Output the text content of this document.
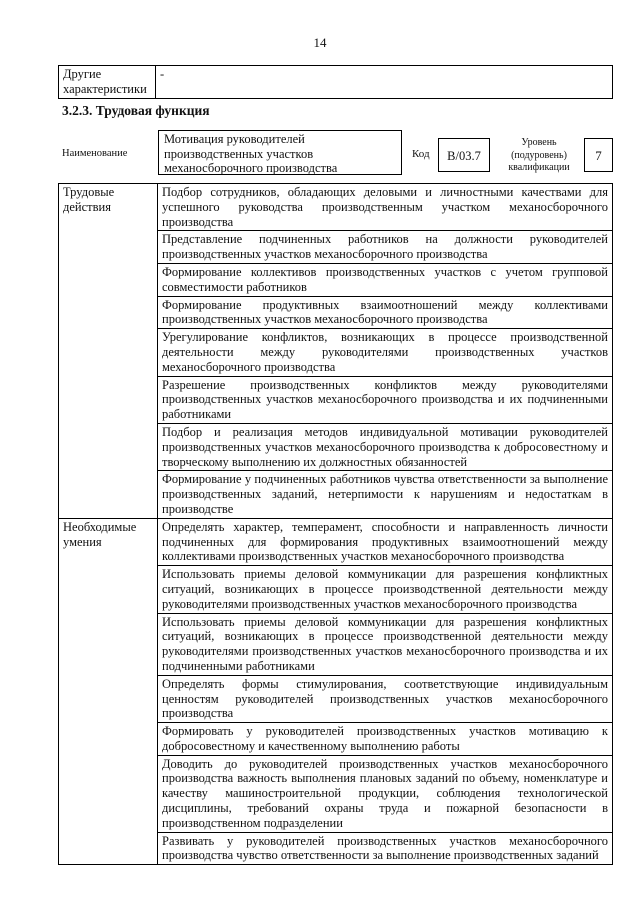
14
Другие характеристики	-
3.2.3. Трудовая функция
Наименование
Мотивация руководителей производственных участков механосборочного производства
Код	B/03.7
Уровень (подуровень) квалификации
7
Трудовые действия	Подбор сотрудников, обладающих деловыми и личностными качествами для успешного руководства производственным участком механосборочного производства
	Представление подчиненных работников на должности руководителей производственных участков механосборочного производства
	Формирование коллективов производственных участков с учетом групповой совместимости работников
	Формирование продуктивных взаимоотношений между коллективами производственных участков механосборочного производства
	Урегулирование конфликтов, возникающих в процессе производственной деятельности между руководителями производственных участков механосборочного производства
	Разрешение производственных конфликтов между руководителями производственных участков механосборочного производства и их подчиненными работниками
	Подбор и реализация методов индивидуальной мотивации руководителей производственных участков механосборочного производства к добросовестному и творческому выполнению их должностных обязанностей
	Формирование у подчиненных работников чувства ответственности за выполнение производственных заданий, нетерпимости к нарушениям и недостаткам в производстве
Необходимые умения	Определять характер, темперамент, способности и направленность личности подчиненных для формирования продуктивных взаимоотношений между коллективами производственных участков механосборочного производства
	Использовать приемы деловой коммуникации для разрешения конфликтных ситуаций, возникающих в процессе производственной деятельности между руководителями производственных участков механосборочного производства
	Использовать приемы деловой коммуникации для разрешения конфликтных ситуаций, возникающих в процессе производственной деятельности между руководителями производственных участков механосборочного производства и их подчиненными работниками
	Определять формы стимулирования, соответствующие индивидуальным ценностям руководителей производственных участков механосборочного производства
	Формировать у руководителей производственных участков мотивацию к добросовестному и качественному выполнению работы
	Доводить до руководителей производственных участков механосборочного производства важность выполнения плановых заданий по объему, номенклатуре и качеству машиностроительной продукции, соблюдения технологической дисциплины, требований охраны труда и пожарной безопасности в производственном подразделении
	Развивать у руководителей производственных участков механосборочного производства чувство ответственности за выполнение производственных заданий
